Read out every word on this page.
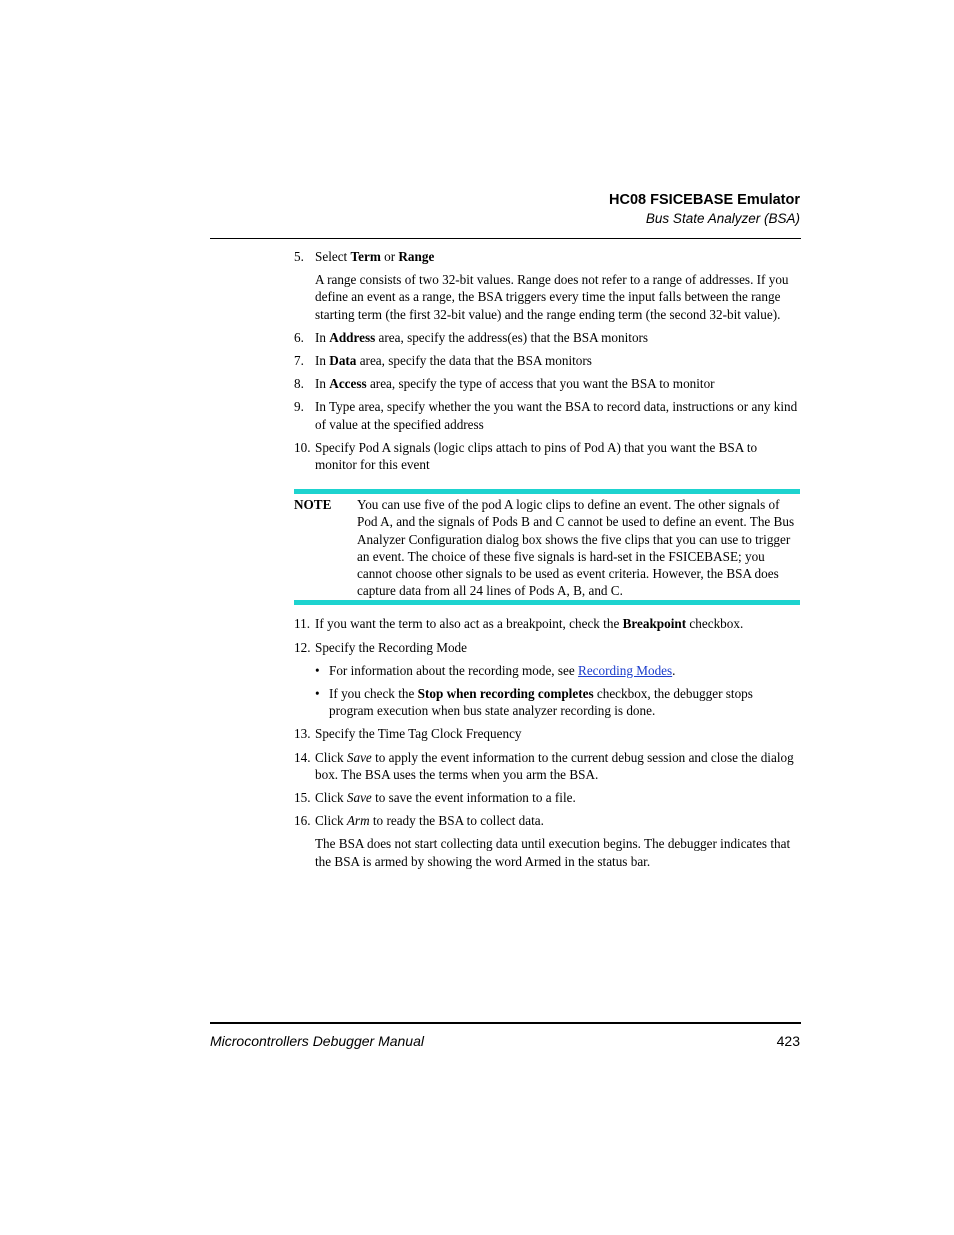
HC08 FSICEBASE Emulator
Bus State Analyzer (BSA)
5. Select Term or Range

A range consists of two 32-bit values. Range does not refer to a range of addresses. If you define an event as a range, the BSA triggers every time the input falls between the range starting term (the first 32-bit value) and the range ending term (the second 32-bit value).

6. In Address area, specify the address(es) that the BSA monitors
7. In Data area, specify the data that the BSA monitors
8. In Access area, specify the type of access that you want the BSA to monitor
9. In Type area, specify whether the you want the BSA to record data, instructions or any kind of value at the specified address
10. Specify Pod A signals (logic clips attach to pins of Pod A) that you want the BSA to monitor for this event
NOTE	You can use five of the pod A logic clips to define an event. The other signals of Pod A, and the signals of Pods B and C cannot be used to define an event. The Bus Analyzer Configuration dialog box shows the five clips that you can use to trigger an event. The choice of these five signals is hard-set in the FSICEBASE; you cannot choose other signals to be used as event criteria. However, the BSA does capture data from all 24 lines of Pods A, B, and C.
11. If you want the term to also act as a breakpoint, check the Breakpoint checkbox.
12. Specify the Recording Mode
• For information about the recording mode, see Recording Modes.
• If you check the Stop when recording completes checkbox, the debugger stops program execution when bus state analyzer recording is done.
13. Specify the Time Tag Clock Frequency
14. Click Save to apply the event information to the current debug session and close the dialog box. The BSA uses the terms when you arm the BSA.
15. Click Save to save the event information to a file.
16. Click Arm to ready the BSA to collect data.

The BSA does not start collecting data until execution begins. The debugger indicates that the BSA is armed by showing the word Armed in the status bar.

Microcontrollers Debugger Manual	423
